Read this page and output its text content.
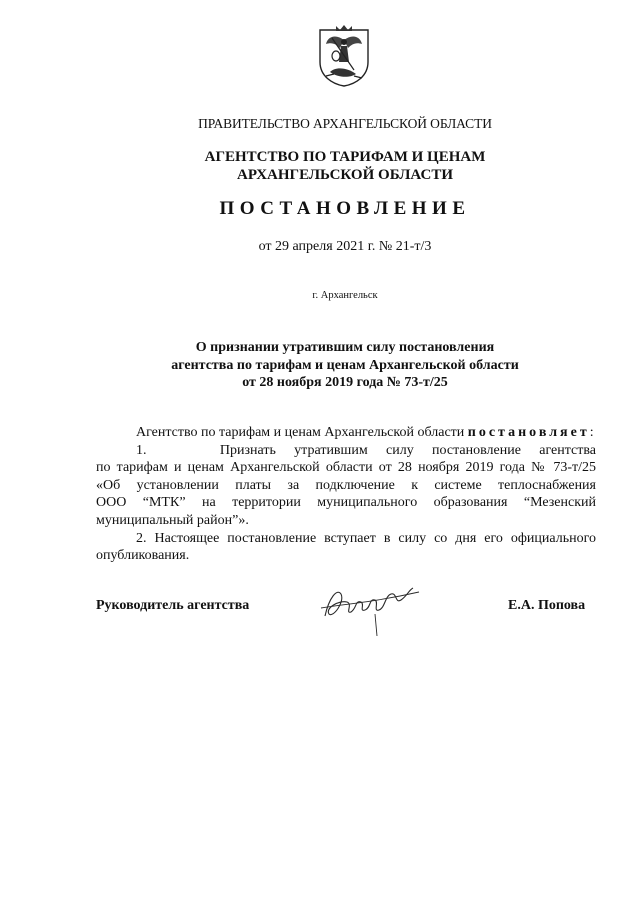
ПРАВИТЕЛЬСТВО АРХАНГЕЛЬСКОЙ ОБЛАСТИ
АГЕНТСТВО ПО ТАРИФАМ И ЦЕНАМ
АРХАНГЕЛЬСКОЙ ОБЛАСТИ
ПОСТАНОВЛЕНИЕ
от 29 апреля 2021 г. № 21-т/3
г. Архангельск
О признании утратившим силу постановления
агентства по тарифам и ценам Архангельской области
от 28 ноября 2019 года № 73-т/25

Агентство по тарифам и ценам Архангельской области постановляет:

1.    Признать утратившим силу постановление агентства
по тарифам и ценам Архангельской области от 28 ноября 2019 года № 73-т/25
«Об установлении платы за подключение к системе теплоснабжения
ООО “МТК” на территории муниципального образования “Мезенский
муниципальный район”».

2. Настоящее постановление вступает в силу со дня его официального
опубликования.

Руководитель агентства	Е.А. Попова
